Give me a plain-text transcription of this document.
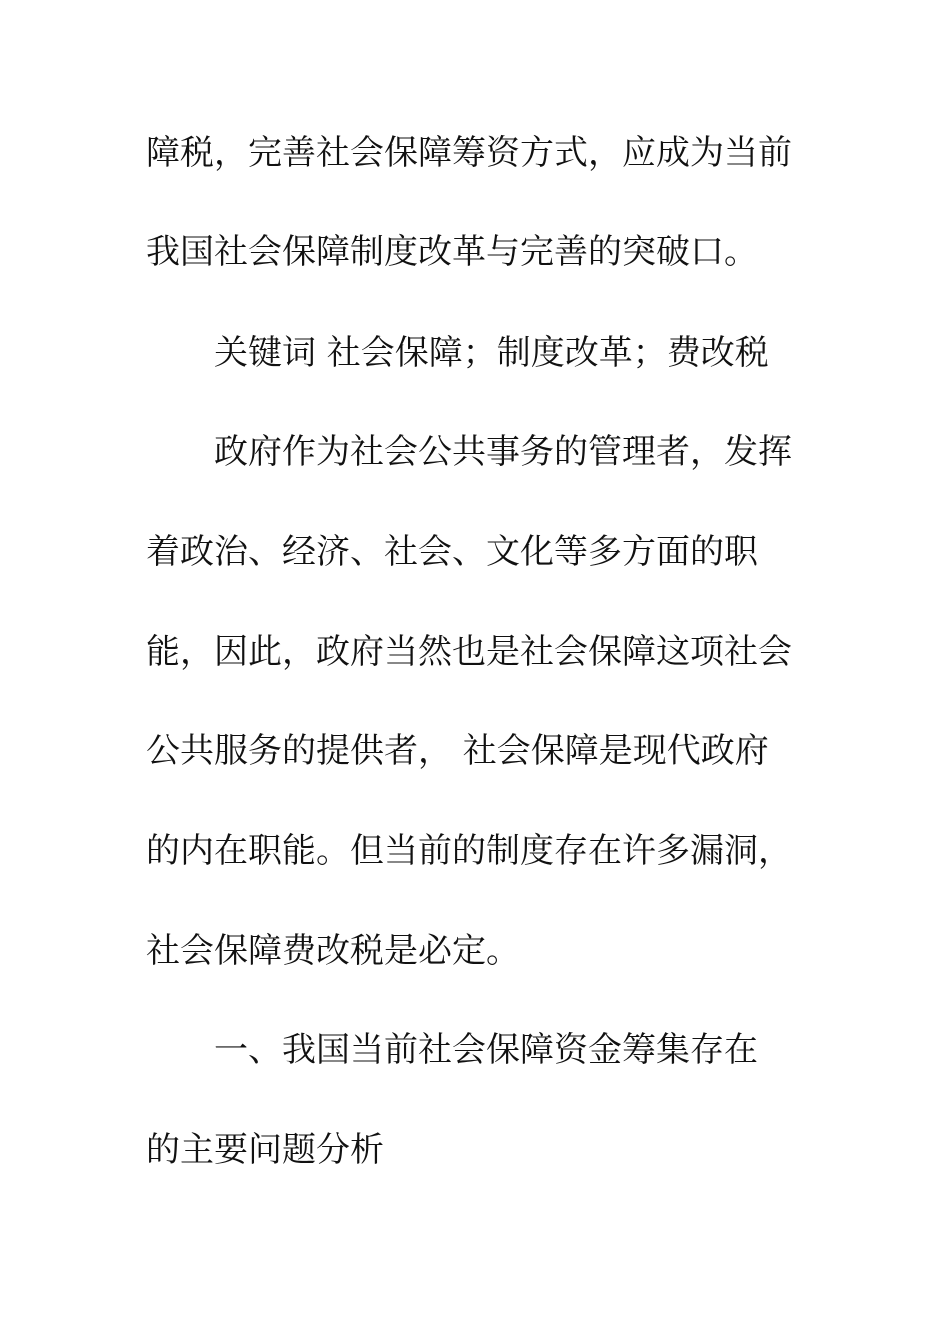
障税，完善社会保障筹资方式，应成为当前
我国社会保障制度改革与完善的突破口。
关键词 社会保障；制度改革；费改税
政府作为社会公共事务的管理者，发挥
着政治、经济、社会、文化等多方面的职
能，因此，政府当然也是社会保障这项社会
公共服务的提供者， 社会保障是现代政府
的内在职能。但当前的制度存在许多漏洞，
社会保障费改税是必定。
一、我国当前社会保障资金筹集存在
的主要问题分析
